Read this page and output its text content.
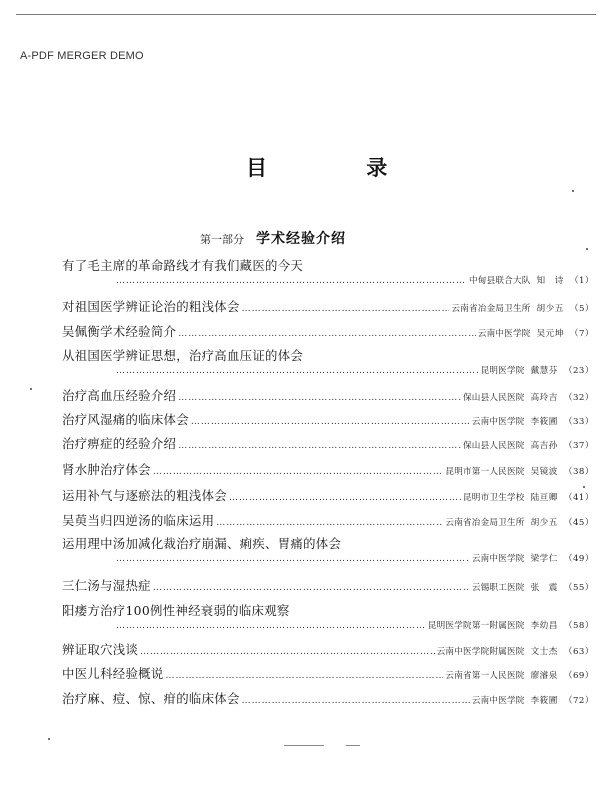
A-PDF MERGER DEMO
目 录
第一部分 学术经验介绍
有了毛主席的革命路线才有我们藏医的今天
………………………………………………………………………………………………………………………………………………
中甸县联合大队 知　诗 （1）
对祖国医学辨证论治的粗浅体会 ………………………………………………………………………………………………………………………………………………	云南省冶金局卫生所 胡少五 （5）
吴佩衡学术经验简介 ………………………………………………………………………………………………………………………………………………	云南中医学院 吴元坤 （7）
从祖国医学辨证思想，治疗高血压证的体会
………………………………………………………………………………………………………………………………………………
昆明医学院 戴慧芬 （23）
治疗高血压经验介绍 ………………………………………………………………………………………………………………………………………………	保山县人民医院 高玲吉 （32）
治疗风湿痛的临床体会 ………………………………………………………………………………………………………………………………………………	云南中医学院 李筱圃 （33）
治疗痹症的经验介绍 ………………………………………………………………………………………………………………………………………………	保山县人民医院 高吉孙 （37）
肾水肿治疗体会 ………………………………………………………………………………………………………………………………………………	昆明市第一人民医院 吴镜波 （38）
运用补气与逐瘀法的粗浅体会 ………………………………………………………………………………………………………………………………………………	昆明市卫生学校 陆亘卿 （41）
吴萸当归四逆汤的临床运用 ………………………………………………………………………………………………………………………………………………	云南省冶金局卫生所 胡少五 （45）
运用理中汤加减化裁治疗崩漏、痢疾、胃痛的体会
………………………………………………………………………………………………………………………………………………
云南中医学院 梁学仁 （49）
三仁汤与湿热症 ………………………………………………………………………………………………………………………………………………	云锡职工医院 张　震 （55）
阳痿方治疗100例性神经衰弱的临床观察
………………………………………………………………………………………………………………………………………………
昆明医学院第一附属医院 李幼昌 （58）
辨证取穴浅谈 ………………………………………………………………………………………………………………………………………………	云南中医学院附属医院 文士杰 （63）
中医儿科经验概说 ………………………………………………………………………………………………………………………………………………	云南省第一人民医院 廖濬泉 （69）
治疗麻、痘、惊、疳的临床体会 ………………………………………………………………………………………………………………………………………………	云南中医学院 李筱圃 （72）
